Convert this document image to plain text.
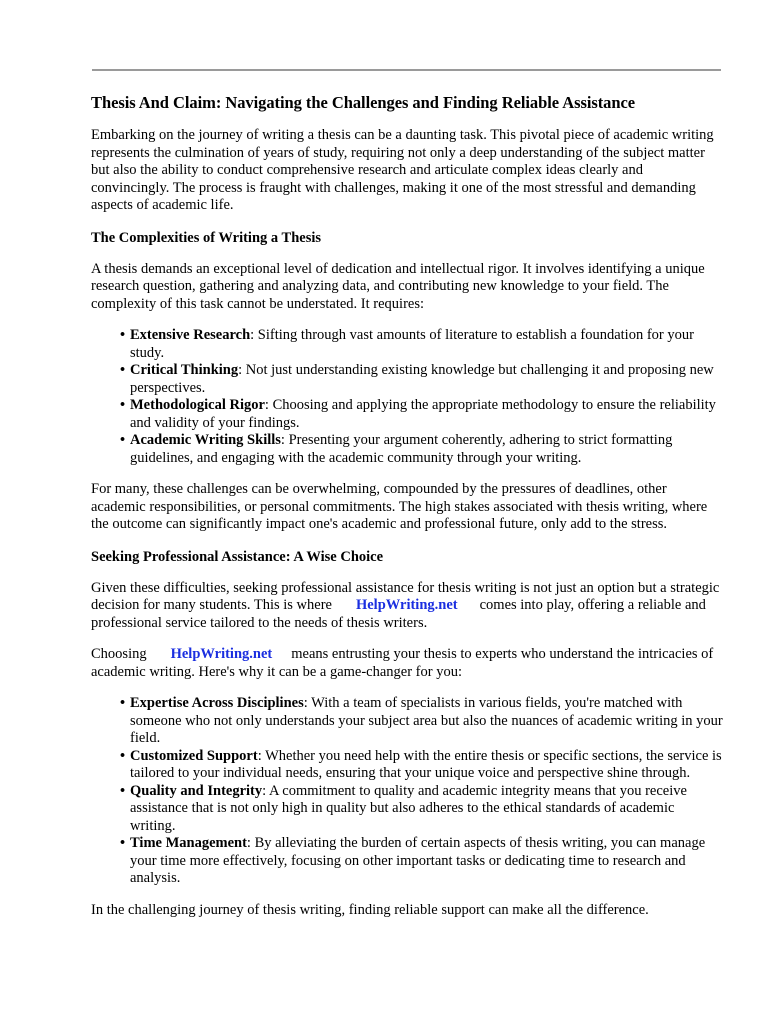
Thesis And Claim: Navigating the Challenges and Finding Reliable Assistance

Embarking on the journey of writing a thesis can be a daunting task. This pivotal piece of academic writing represents the culmination of years of study, requiring not only a deep understanding of the subject matter but also the ability to conduct comprehensive research and articulate complex ideas clearly and convincingly. The process is fraught with challenges, making it one of the most stressful and demanding aspects of academic life.

The Complexities of Writing a Thesis

A thesis demands an exceptional level of dedication and intellectual rigor. It involves identifying a unique research question, gathering and analyzing data, and contributing new knowledge to your field. The complexity of this task cannot be understated. It requires:

• Extensive Research: Sifting through vast amounts of literature to establish a foundation for your study.
• Critical Thinking: Not just understanding existing knowledge but challenging it and proposing new perspectives.
• Methodological Rigor: Choosing and applying the appropriate methodology to ensure the reliability and validity of your findings.
• Academic Writing Skills: Presenting your argument coherently, adhering to strict formatting guidelines, and engaging with the academic community through your writing.

For many, these challenges can be overwhelming, compounded by the pressures of deadlines, other academic responsibilities, or personal commitments. The high stakes associated with thesis writing, where the outcome can significantly impact one's academic and professional future, only add to the stress.

Seeking Professional Assistance: A Wise Choice

Given these difficulties, seeking professional assistance for thesis writing is not just an option but a strategic decision for many students. This is where HelpWriting.net comes into play, offering a reliable and professional service tailored to the needs of thesis writers.

Choosing HelpWriting.net means entrusting your thesis to experts who understand the intricacies of academic writing. Here's why it can be a game-changer for you:

• Expertise Across Disciplines: With a team of specialists in various fields, you're matched with someone who not only understands your subject area but also the nuances of academic writing in your field.
• Customized Support: Whether you need help with the entire thesis or specific sections, the service is tailored to your individual needs, ensuring that your unique voice and perspective shine through.
• Quality and Integrity: A commitment to quality and academic integrity means that you receive assistance that is not only high in quality but also adheres to the ethical standards of academic writing.
• Time Management: By alleviating the burden of certain aspects of thesis writing, you can manage your time more effectively, focusing on other important tasks or dedicating time to research and analysis.

In the challenging journey of thesis writing, finding reliable support can make all the difference.
